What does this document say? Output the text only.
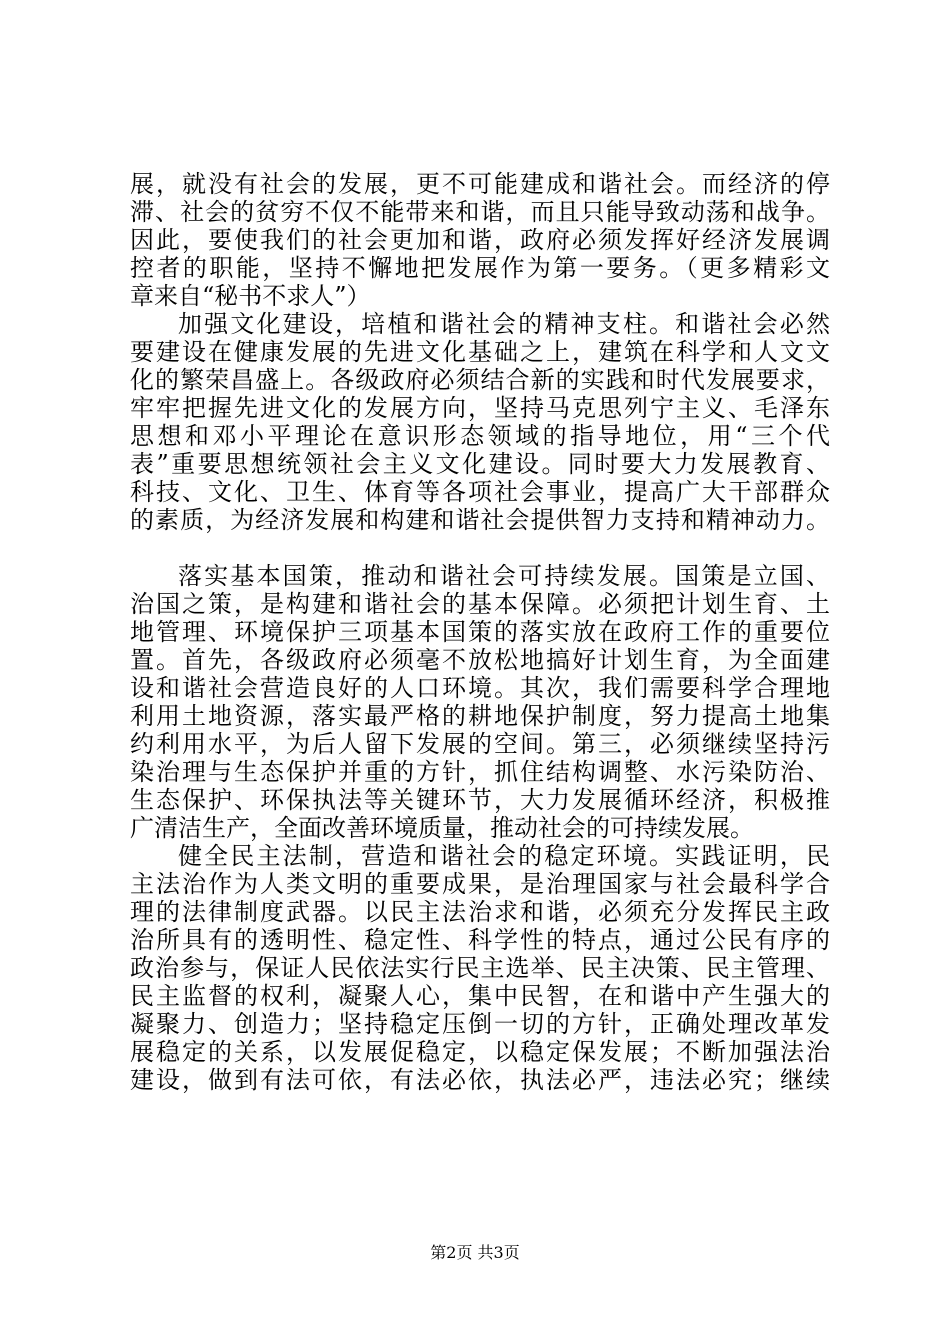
展，就没有社会的发展，更不可能建成和谐社会。而经济的停
滞、社会的贫穷不仅不能带来和谐，而且只能导致动荡和战争。
因此，要使我们的社会更加和谐，政府必须发挥好经济发展调
控者的职能，坚持不懈地把发展作为第一要务。（更多精彩文
章来自“秘书不求人”）
加强文化建设，培植和谐社会的精神支柱。和谐社会必然
要建设在健康发展的先进文化基础之上，建筑在科学和人文文
化的繁荣昌盛上。各级政府必须结合新的实践和时代发展要求，
牢牢把握先进文化的发展方向，坚持马克思列宁主义、毛泽东
思想和邓小平理论在意识形态领域的指导地位，用“三个代
表”重要思想统领社会主义文化建设。同时要大力发展教育、
科技、文化、卫生、体育等各项社会事业，提高广大干部群众
的素质，为经济发展和构建和谐社会提供智力支持和精神动力。
落实基本国策，推动和谐社会可持续发展。国策是立国、
治国之策，是构建和谐社会的基本保障。必须把计划生育、土
地管理、环境保护三项基本国策的落实放在政府工作的重要位
置。首先，各级政府必须毫不放松地搞好计划生育，为全面建
设和谐社会营造良好的人口环境。其次，我们需要科学合理地
利用土地资源，落实最严格的耕地保护制度，努力提高土地集
约利用水平，为后人留下发展的空间。第三，必须继续坚持污
染治理与生态保护并重的方针，抓住结构调整、水污染防治、
生态保护、环保执法等关键环节，大力发展循环经济，积极推
广清洁生产，全面改善环境质量，推动社会的可持续发展。
健全民主法制，营造和谐社会的稳定环境。实践证明，民
主法治作为人类文明的重要成果，是治理国家与社会最科学合
理的法律制度武器。以民主法治求和谐，必须充分发挥民主政
治所具有的透明性、稳定性、科学性的特点，通过公民有序的
政治参与，保证人民依法实行民主选举、民主决策、民主管理、
民主监督的权利，凝聚人心，集中民智，在和谐中产生强大的
凝聚力、创造力；坚持稳定压倒一切的方针，正确处理改革发
展稳定的关系，以发展促稳定，以稳定保发展；不断加强法治
建设，做到有法可依，有法必依，执法必严，违法必究；继续
第2页 共3页
